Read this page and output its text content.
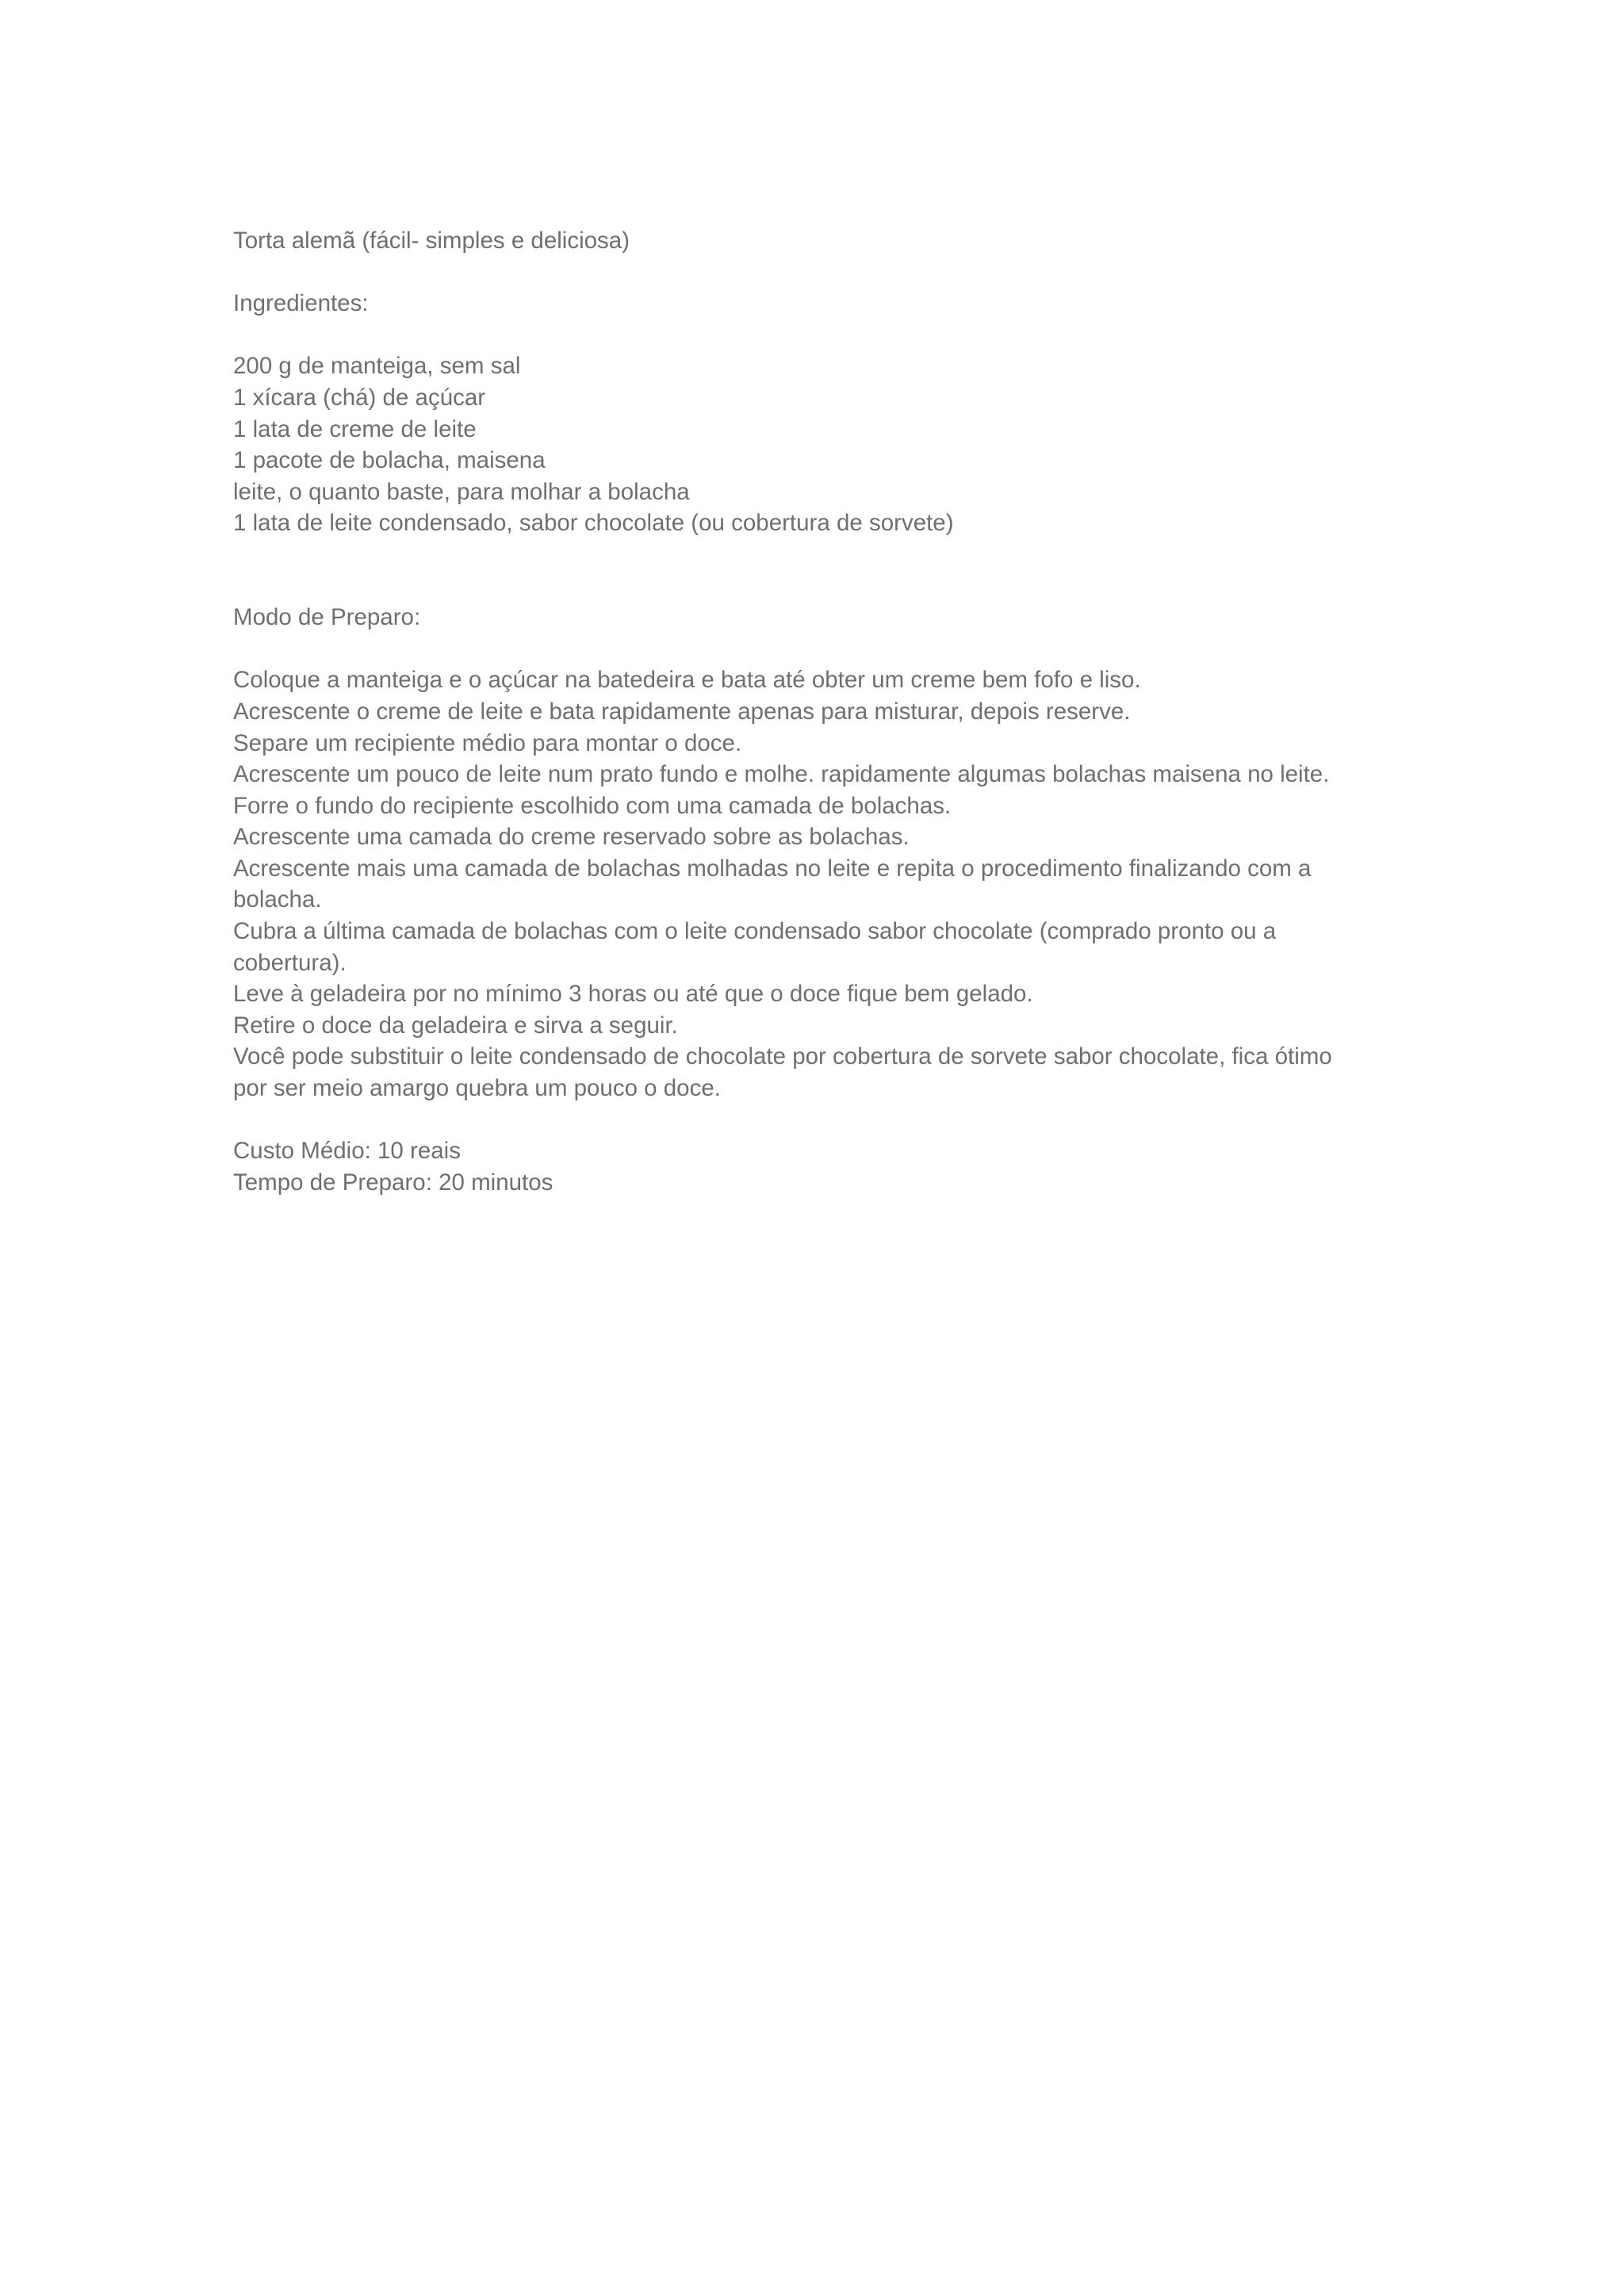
Torta alemã (fácil- simples e deliciosa)

Ingredientes:

200 g de manteiga, sem sal
1 xícara (chá) de açúcar
1 lata de creme de leite
1 pacote de bolacha, maisena
leite, o quanto baste, para molhar a bolacha
1 lata de leite condensado, sabor chocolate (ou cobertura de sorvete)

Modo de Preparo:

Coloque a manteiga e o açúcar na batedeira e bata até obter um creme bem fofo e liso.
Acrescente o creme de leite e bata rapidamente apenas para misturar, depois reserve.
Separe um recipiente médio para montar o doce.
Acrescente um pouco de leite num prato fundo e molhe. rapidamente algumas bolachas maisena no leite.
Forre o fundo do recipiente escolhido com uma camada de bolachas.
Acrescente uma camada do creme reservado sobre as bolachas.
Acrescente mais uma camada de bolachas molhadas no leite e repita o procedimento finalizando com a
bolacha.
Cubra a última camada de bolachas com o leite condensado sabor chocolate (comprado pronto ou a
cobertura).
Leve à geladeira por no mínimo 3 horas ou até que o doce fique bem gelado.
Retire o doce da geladeira e sirva a seguir.
Você pode substituir o leite condensado de chocolate por cobertura de sorvete sabor chocolate, fica ótimo
por ser meio amargo quebra um pouco o doce.

Custo Médio: 10 reais

Tempo de Preparo: 20 minutos
